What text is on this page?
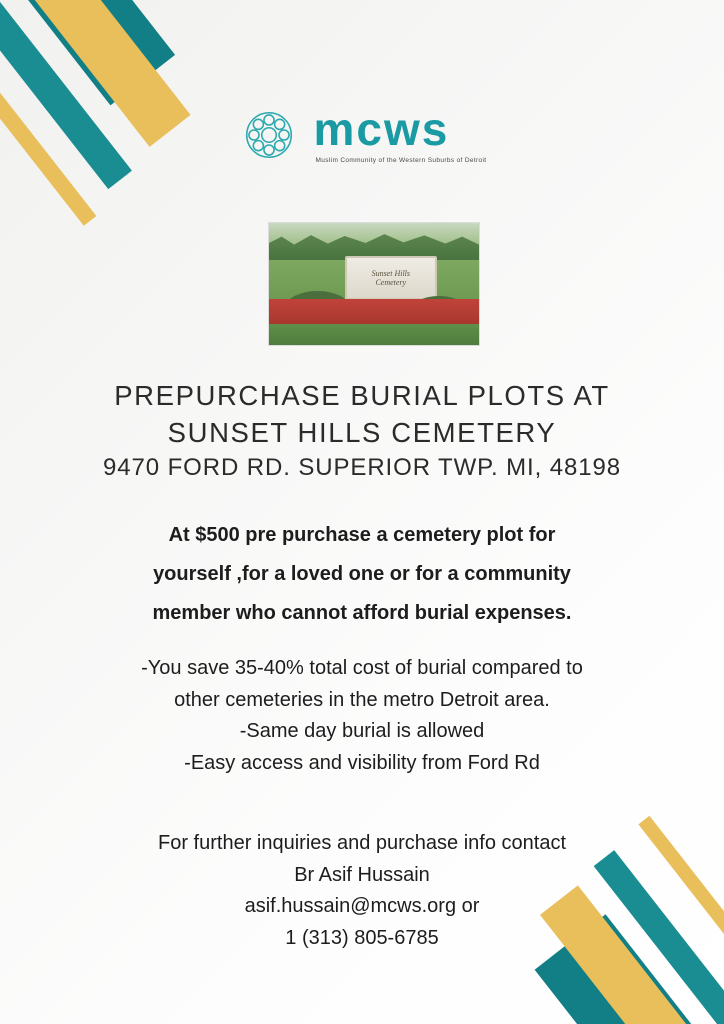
mcws
Muslim Community of the Western Suburbs of Detroit
Sunset Hills
Cemetery
PREPURCHASE BURIAL PLOTS AT
SUNSET HILLS CEMETERY
9470 FORD RD. SUPERIOR TWP. MI, 48198
At $500 pre purchase a cemetery plot for
yourself ,for a loved one or for a community
member who cannot afford burial expenses.
-You save 35-40% total cost of burial compared to
other cemeteries in the metro Detroit area.
-Same day burial is allowed
-Easy access and visibility from Ford Rd
For further inquiries and purchase info contact
Br Asif Hussain
asif.hussain@mcws.org or
1 (313) 805-6785
